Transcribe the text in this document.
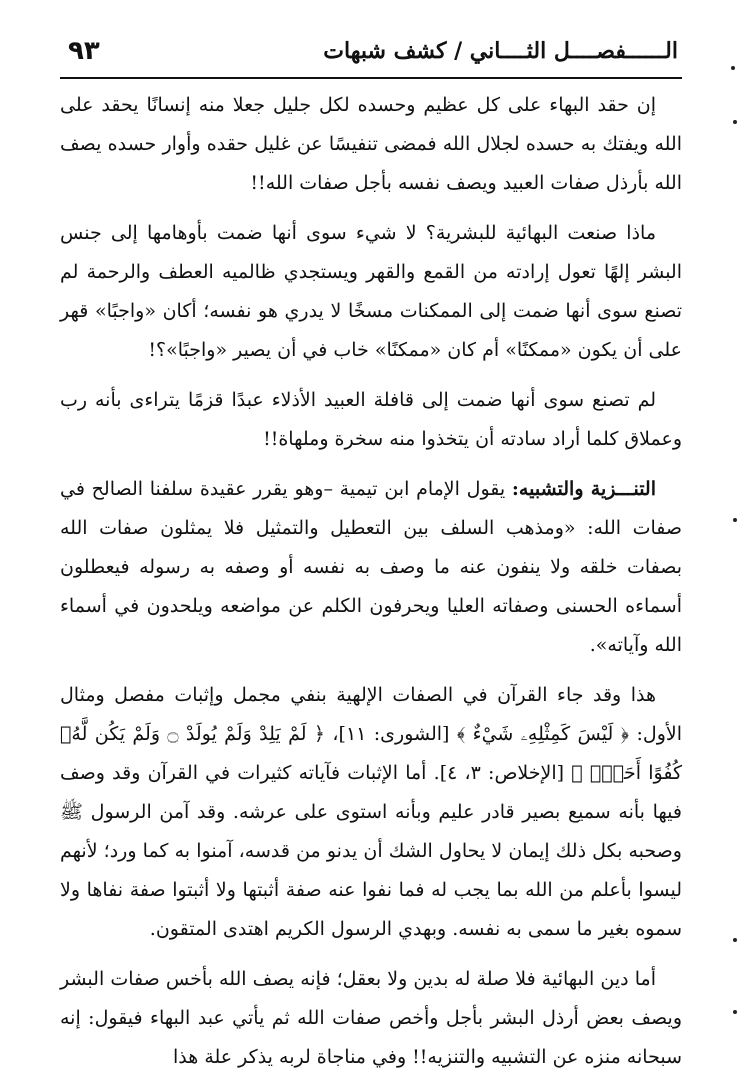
٩٣	الــــــفصــــل الثــــاني / كشف شبهات

إن حقد البهاء على كل عظيم وحسده لكل جليل جعلا منه إنسانًا يحقد على الله ويفتك به حسده لجلال الله فمضى تنفيسًا عن غليل حقده وأوار حسده يصف الله بأرذل صفات العبيد ويصف نفسه بأجل صفات الله!!

ماذا صنعت البهائية للبشرية؟ لا شيء سوى أنها ضمت بأوهامها إلى جنس البشر إلهًا تعول إرادته من القمع والقهر ويستجدي ظالميه العطف والرحمة لم تصنع سوى أنها ضمت إلى الممكنات مسخًا لا يدري هو نفسه؛ أكان «واجبًا» قهر على أن يكون «ممكنًا» أم كان «ممكنًا» خاب في أن يصير «واجبًا»؟!

لم تصنع سوى أنها ضمت إلى قافلة العبيد الأذلاء عبدًا قزمًا يتراءى بأنه رب وعملاق كلما أراد سادته أن يتخذوا منه سخرة وملهاة!!

التنـــزية والتشبيه: يقول الإمام ابن تيمية –وهو يقرر عقيدة سلفنا الصالح في صفات الله: «ومذهب السلف بين التعطيل والتمثيل فلا يمثلون صفات الله بصفات خلقه ولا ينفون عنه ما وصف به نفسه أو وصفه به رسوله فيعطلون أسماءه الحسنى وصفاته العليا ويحرفون الكلم عن مواضعه ويلحدون في أسماء الله وآياته».

هذا وقد جاء القرآن في الصفات الإلهية بنفي مجمل وإثبات مفصل ومثال الأول: ﴿ لَيْسَ كَمِثْلِهِۦ شَيْءٌ ﴾ [الشورى: ١١]، ﴿ لَمْ يَلِدْ وَلَمْ يُولَدْ ۝ وَلَمْ يَكُن لَّهُۥ كُفُوًا أَحَدٌۢ ﴾ [الإخلاص: ٣، ٤]. أما الإثبات فآياته كثيرات في القرآن وقد وصف فيها بأنه سميع بصير قادر عليم وبأنه استوى على عرشه. وقد آمن الرسول ﷺ وصحبه بكل ذلك إيمان لا يحاول الشك أن يدنو من قدسه، آمنوا به كما ورد؛ لأنهم ليسوا بأعلم من الله بما يجب له فما نفوا عنه صفة أثبتها ولا أثبتوا صفة نفاها ولا سموه بغير ما سمى به نفسه. وبهدي الرسول الكريم اهتدى المتقون.

أما دين البهائية فلا صلة له بدين ولا بعقل؛ فإنه يصف الله بأخس صفات البشر ويصف بعض أرذل البشر بأجل وأخص صفات الله ثم يأتي عبد البهاء فيقول: إنه سبحانه منزه عن التشبيه والتنزيه!! وفي مناجاة لربه يذكر علة هذا
